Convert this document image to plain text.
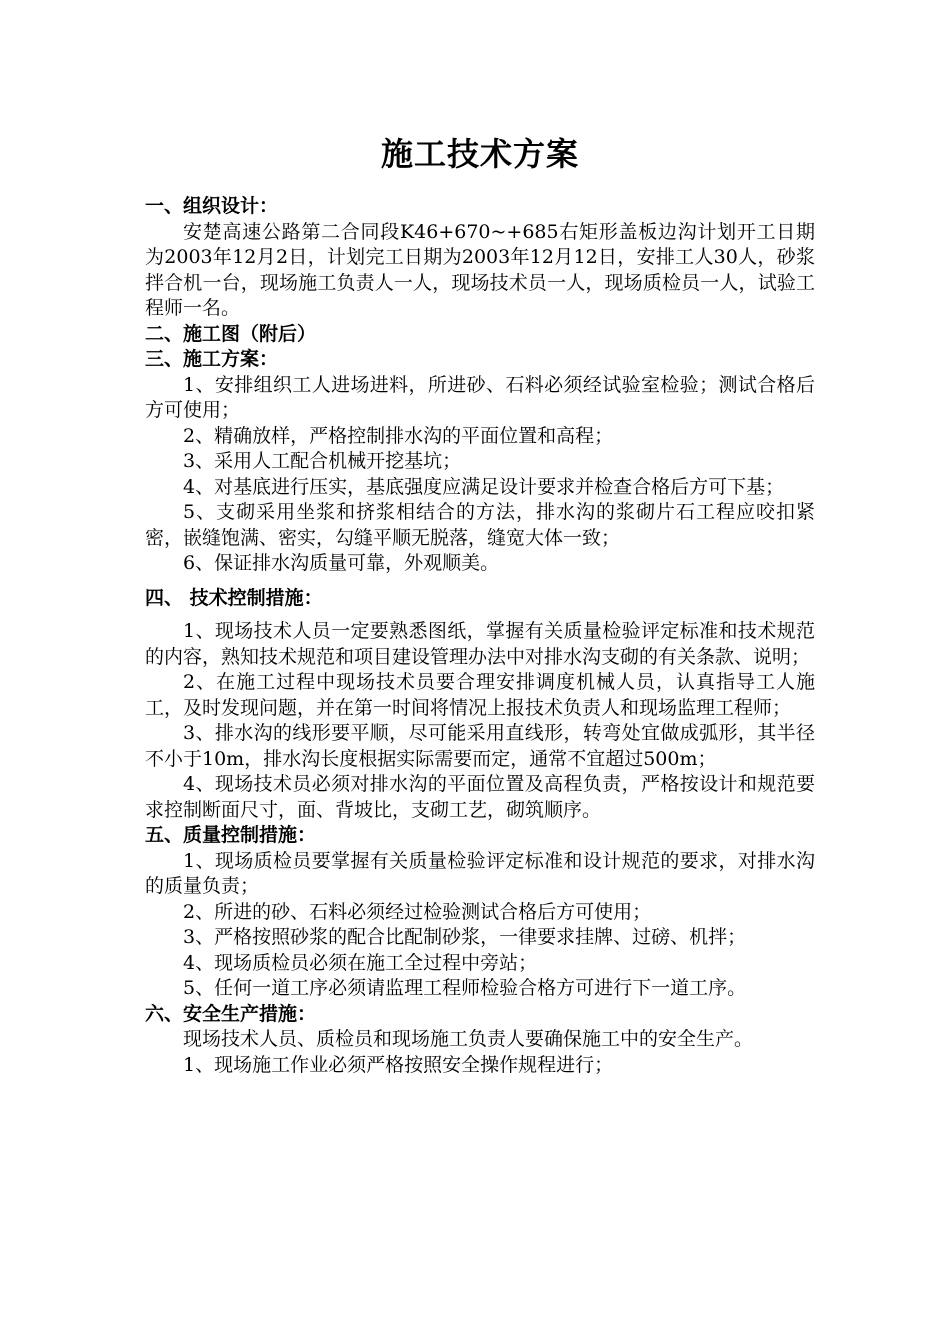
施工技术方案

一、组织设计：

安楚高速公路第二合同段K46+670~+685右矩形盖板边沟计划开工日期为2003年12月2日，计划完工日期为2003年12月12日，安排工人30人，砂浆拌合机一台，现场施工负责人一人，现场技术员一人，现场质检员一人，试验工程师一名。

二、施工图（附后）

三、施工方案：

1、安排组织工人进场进料，所进砂、石料必须经试验室检验；测试合格后方可使用；

2、精确放样，严格控制排水沟的平面位置和高程；

3、采用人工配合机械开挖基坑；

4、对基底进行压实，基底强度应满足设计要求并检查合格后方可下基；

5、支砌采用坐浆和挤浆相结合的方法，排水沟的浆砌片石工程应咬扣紧密，嵌缝饱满、密实，勾缝平顺无脱落，缝宽大体一致；

6、保证排水沟质量可靠，外观顺美。

四、 技术控制措施：

1、现场技术人员一定要熟悉图纸，掌握有关质量检验评定标准和技术规范的内容，熟知技术规范和项目建设管理办法中对排水沟支砌的有关条款、说明；

2、在施工过程中现场技术员要合理安排调度机械人员，认真指导工人施工，及时发现问题，并在第一时间将情况上报技术负责人和现场监理工程师；

3、排水沟的线形要平顺，尽可能采用直线形，转弯处宜做成弧形，其半径不小于10m，排水沟长度根据实际需要而定，通常不宜超过500m；

4、现场技术员必须对排水沟的平面位置及高程负责，严格按设计和规范要求控制断面尺寸，面、背坡比，支砌工艺，砌筑顺序。

五、质量控制措施：

1、现场质检员要掌握有关质量检验评定标准和设计规范的要求，对排水沟的质量负责；

2、所进的砂、石料必须经过检验测试合格后方可使用；

3、严格按照砂浆的配合比配制砂浆，一律要求挂牌、过磅、机拌；

4、现场质检员必须在施工全过程中旁站；

5、任何一道工序必须请监理工程师检验合格方可进行下一道工序。

六、安全生产措施：

现场技术人员、质检员和现场施工负责人要确保施工中的安全生产。

1、现场施工作业必须严格按照安全操作规程进行；
